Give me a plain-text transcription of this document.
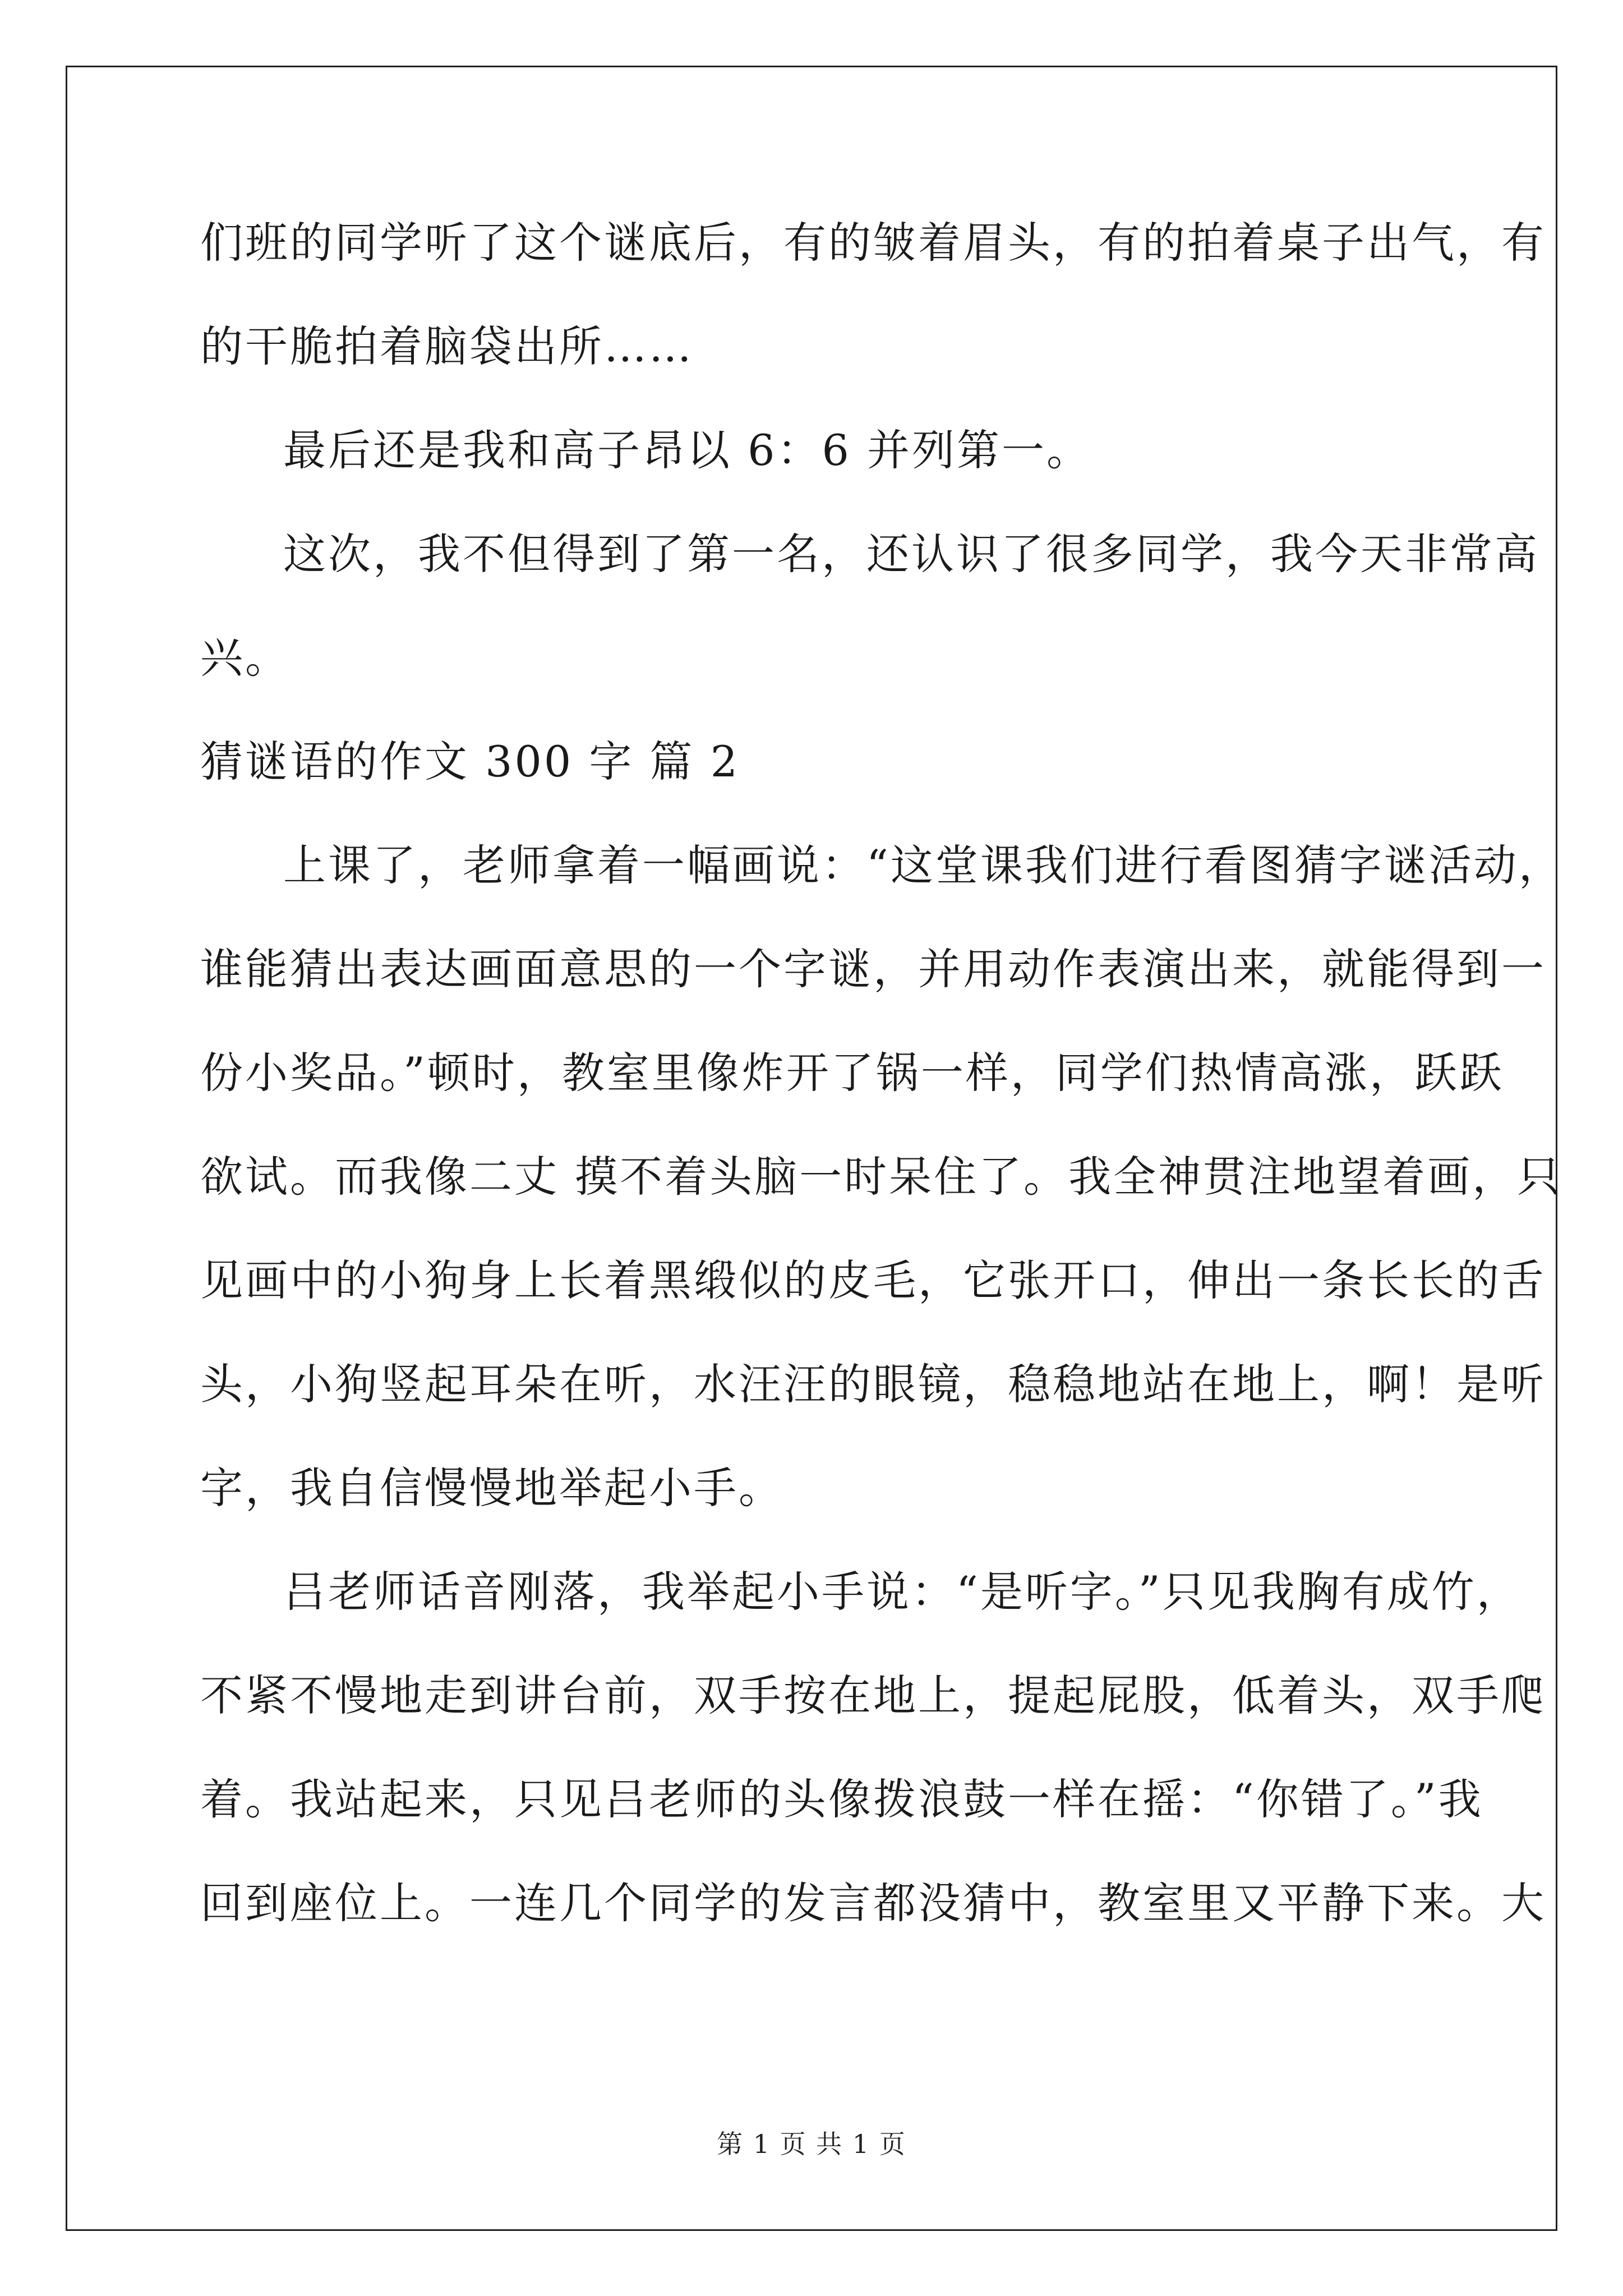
们班的同学听了这个谜底后，有的皱着眉头，有的拍着桌子出气，有
的干脆拍着脑袋出所……
最后还是我和高子昂以 6：6 并列第一。
这次，我不但得到了第一名，还认识了很多同学，我今天非常高
兴。
猜谜语的作文 300 字 篇 2
上课了，老师拿着一幅画说：“这堂课我们进行看图猜字谜活动，
谁能猜出表达画面意思的一个字谜，并用动作表演出来，就能得到一
份小奖品。”顿时，教室里像炸开了锅一样，同学们热情高涨，跃跃
欲试。而我像二丈 摸不着头脑一时呆住了。我全神贯注地望着画，只
见画中的小狗身上长着黑缎似的皮毛，它张开口，伸出一条长长的舌
头，小狗竖起耳朵在听，水汪汪的眼镜，稳稳地站在地上，啊！是听
字，我自信慢慢地举起小手。
吕老师话音刚落，我举起小手说：“是听字。”只见我胸有成竹，
不紧不慢地走到讲台前，双手按在地上，提起屁股，低着头，双手爬
着。我站起来，只见吕老师的头像拨浪鼓一样在摇：“你错了。”我
回到座位上。一连几个同学的发言都没猜中，教室里又平静下来。大
第 1 页 共 1 页
